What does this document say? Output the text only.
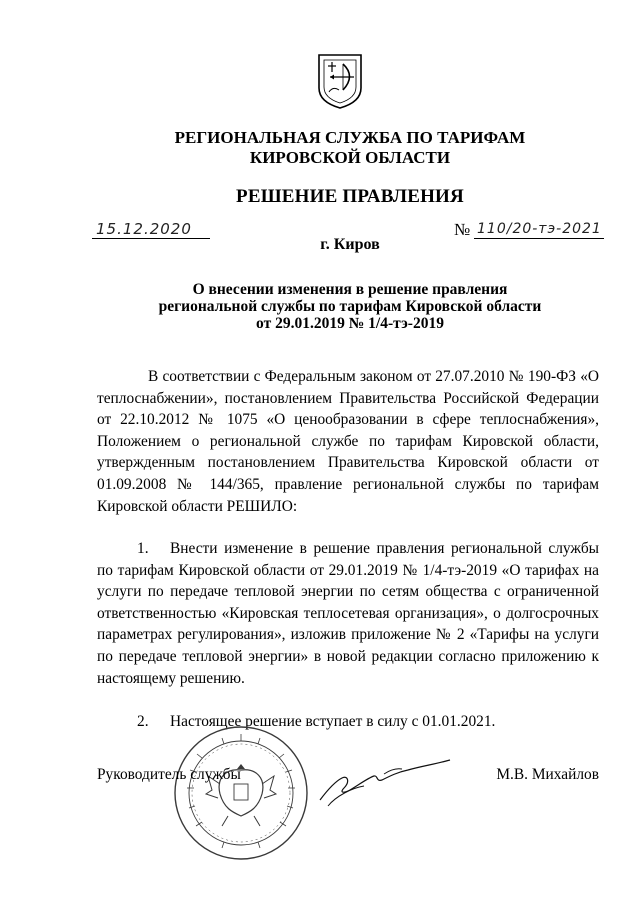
РЕГИОНАЛЬНАЯ СЛУЖБА ПО ТАРИФАМ
КИРОВСКОЙ ОБЛАСТИ
РЕШЕНИЕ ПРАВЛЕНИЯ
15.12.2020	№ 110/20-тэ-2021
г. Киров
О внесении изменения в решение правления
региональной службы по тарифам Кировской области
от 29.01.2019 № 1/4-тэ-2019
В соответствии с Федеральным законом от 27.07.2010 № 190-ФЗ «О теплоснабжении», постановлением Правительства Российской Федерации от 22.10.2012 № 1075 «О ценообразовании в сфере теплоснабжения», Положением о региональной службе по тарифам Кировской области, утвержденным постановлением Правительства Кировской области от 01.09.2008 № 144/365, правление региональной службы по тарифам Кировской области РЕШИЛО:
1. Внести изменение в решение правления региональной службы по тарифам Кировской области от 29.01.2019 № 1/4-тэ-2019 «О тарифах на услуги по передаче тепловой энергии по сетям общества с ограниченной ответственностью «Кировская теплосетевая организация», о долгосрочных параметрах регулирования», изложив приложение № 2 «Тарифы на услуги по передаче тепловой энергии» в новой редакции согласно приложению к настоящему решению.
2. Настоящее решение вступает в силу с 01.01.2021.
Руководитель службы	М.В. Михайлов
